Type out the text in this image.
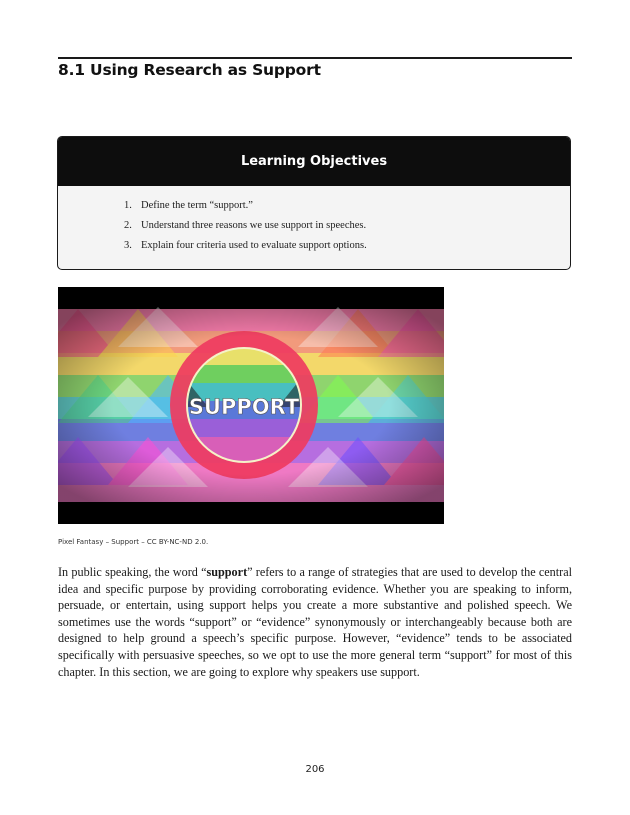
8.1 Using Research as Support
Learning Objectives
1. Define the term “support.”
2. Understand three reasons we use support in speeches.
3. Explain four criteria used to evaluate support options.
SUPPORT

Pixel Fantasy – Support – CC BY-NC-ND 2.0.

In public speaking, the word “support” refers to a range of strategies that are used to develop the central idea and specific purpose by providing corroborating evidence. Whether you are speaking to inform, persuade, or entertain, using support helps you create a more substantive and polished speech. We sometimes use the words “support” or “evidence” synonymously or interchangeably because both are designed to help ground a speech’s specific purpose. However, “evidence” tends to be associated specifically with persuasive speeches, so we opt to use the more general term “support” for most of this chapter. In this section, we are going to explore why speakers use support.

206
